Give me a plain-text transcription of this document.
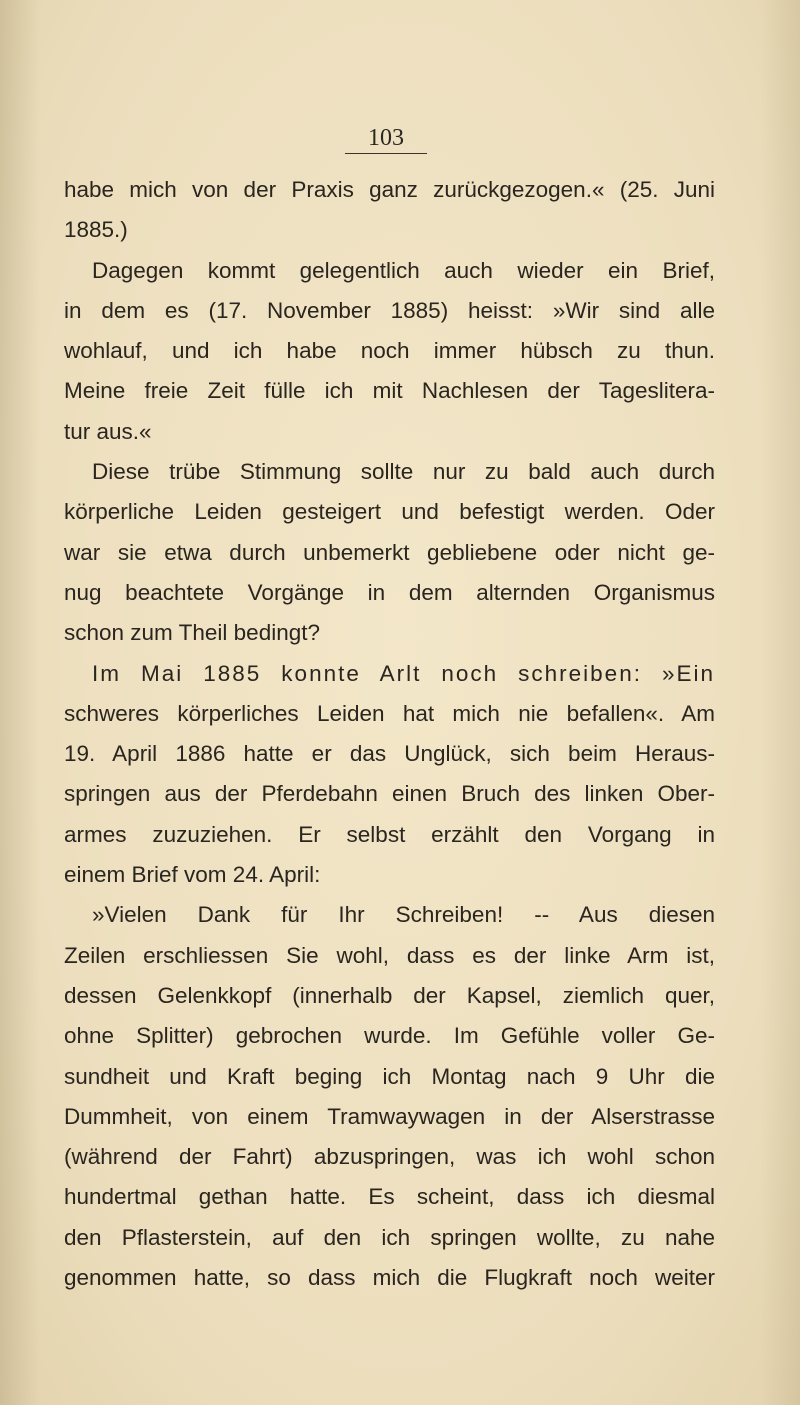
103
habe mich von der Praxis ganz zurückgezogen.« (25. Juni
1885.)
Dagegen kommt gelegentlich auch wieder ein Brief,
in dem es (17. November 1885) heisst: »Wir sind alle
wohlauf, und ich habe noch immer hübsch zu thun.
Meine freie Zeit fülle ich mit Nachlesen der Tageslitera-
tur aus.«
Diese trübe Stimmung sollte nur zu bald auch durch
körperliche Leiden gesteigert und befestigt werden. Oder
war sie etwa durch unbemerkt gebliebene oder nicht ge-
nug beachtete Vorgänge in dem alternden Organismus
schon zum Theil bedingt?
Im Mai 1885 konnte Arlt noch schreiben: »Ein
schweres körperliches Leiden hat mich nie befallen«. Am
19. April 1886 hatte er das Unglück, sich beim Heraus-
springen aus der Pferdebahn einen Bruch des linken Ober-
armes zuzuziehen. Er selbst erzählt den Vorgang in
einem Brief vom 24. April:
»Vielen Dank für Ihr Schreiben! -- Aus diesen
Zeilen erschliessen Sie wohl, dass es der linke Arm ist,
dessen Gelenkkopf (innerhalb der Kapsel, ziemlich quer,
ohne Splitter) gebrochen wurde. Im Gefühle voller Ge-
sundheit und Kraft beging ich Montag nach 9 Uhr die
Dummheit, von einem Tramwaywagen in der Alserstrasse
(während der Fahrt) abzuspringen, was ich wohl schon
hundertmal gethan hatte. Es scheint, dass ich diesmal
den Pflasterstein, auf den ich springen wollte, zu nahe
genommen hatte, so dass mich die Flugkraft noch weiter
